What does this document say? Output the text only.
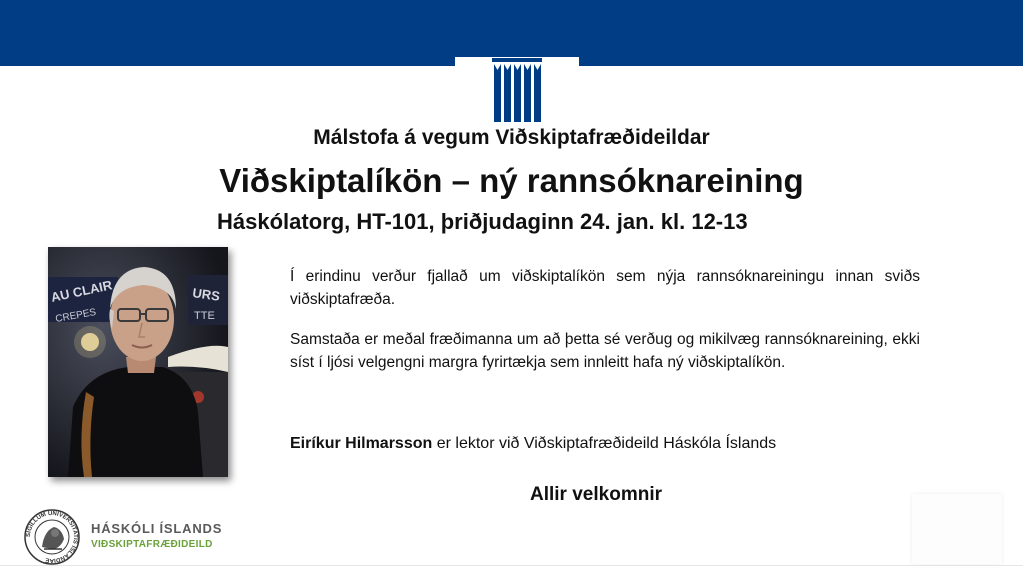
Málstofa á vegum Viðskiptafræðideildar
Viðskiptalíkön – ný rannsóknareining
Háskólatorg, HT-101, þriðjudaginn 24. jan. kl. 12-13
AU CLAIR
CREPES
URS
TTE

Í erindinu verður fjallað um viðskiptalíkön sem nýja rannsóknareiningu innan sviðs viðskiptafræða.

Samstaða er meðal fræðimanna um að þetta sé verðug og mikilvæg rannsóknareining, ekki síst í ljósi velgengni margra fyrirtækja sem innleitt hafa ný viðskiptalíkön.

Eiríkur Hilmarsson er lektor við Viðskiptafræðideild Háskóla Íslands
Allir velkomnir
SIGILLUM UNIVERSITATIS ISLANDIAE
HÁSKÓLI ÍSLANDS
VIÐSKIPTAFRÆÐIDEILD
